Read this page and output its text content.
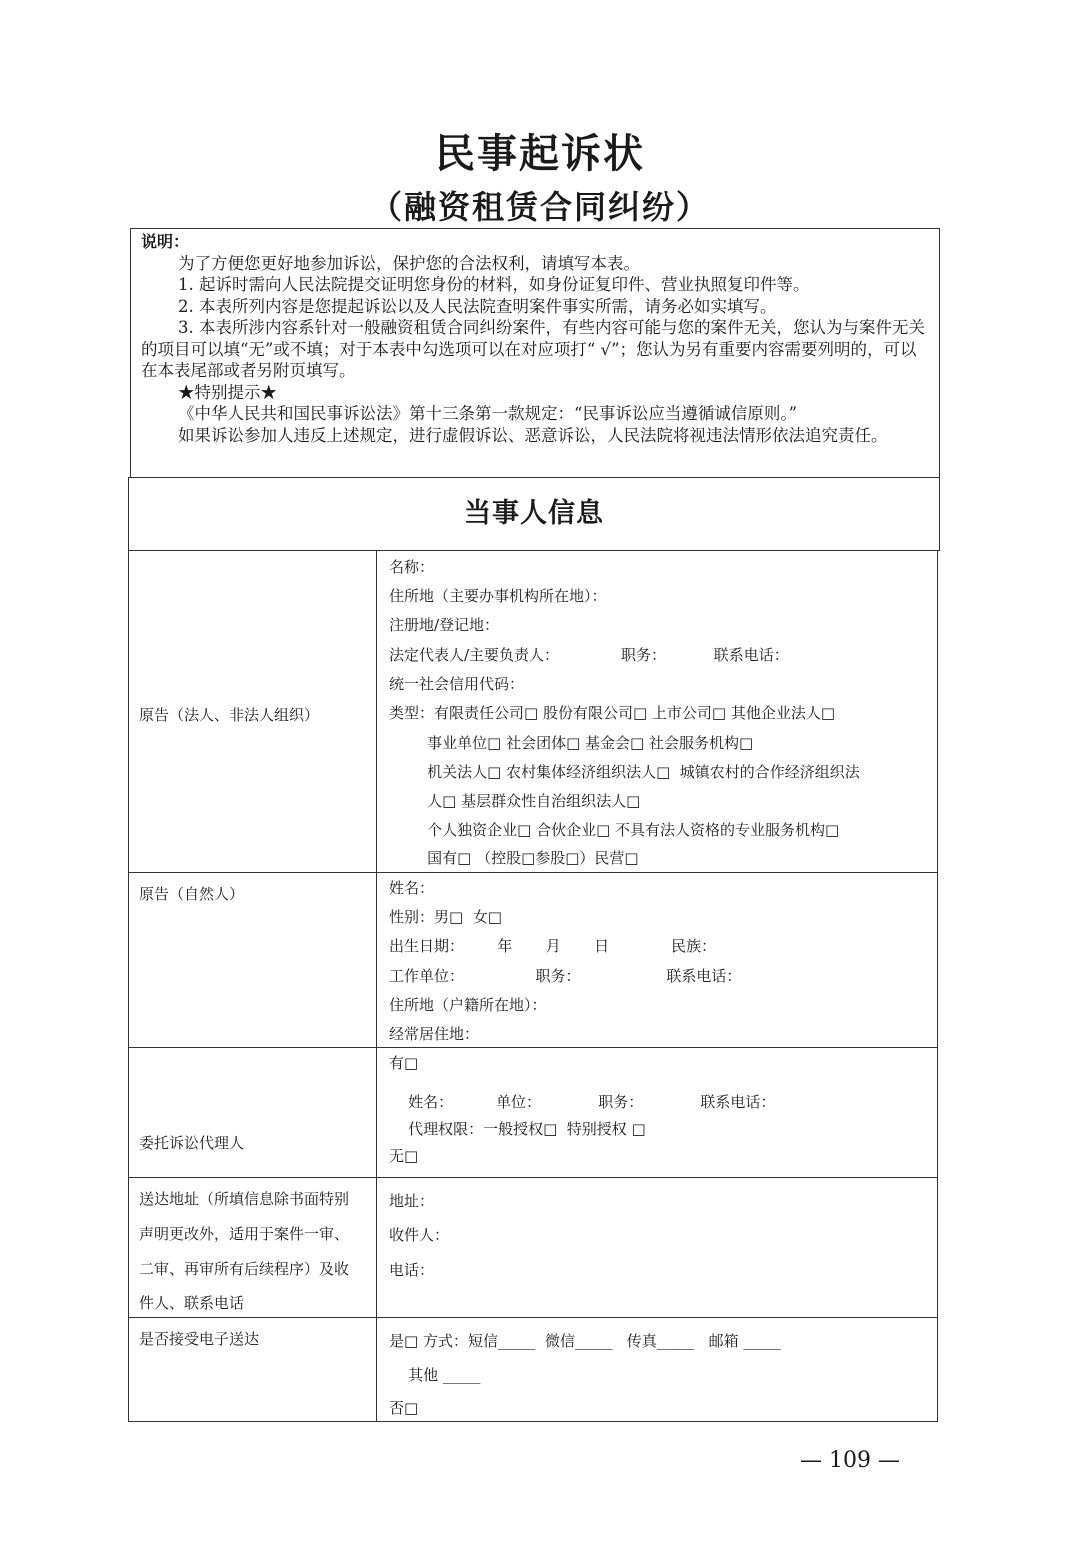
民事起诉状
（融资租赁合同纠纷）

说明：

为了方便您更好地参加诉讼，保护您的合法权利，请填写本表。

1. 起诉时需向人民法院提交证明您身份的材料，如身份证复印件、营业执照复印件等。

2. 本表所列内容是您提起诉讼以及人民法院查明案件事实所需，请务必如实填写。

3. 本表所涉内容系针对一般融资租赁合同纠纷案件，有些内容可能与您的案件无关，您认为与案件无关的项目可以填“无”或不填；对于本表中勾选项可以在对应项打“ √”；您认为另有重要内容需要列明的，可以在本表尾部或者另附页填写。

★特别提示★

《中华人民共和国民事诉讼法》第十三条第一款规定：“民事诉讼应当遵循诚信原则。”

如果诉讼参加人违反上述规定，进行虚假诉讼、恶意诉讼，人民法院将视违法情形依法追究责任。

当事人信息
原告（法人、非法人组织）
名称：
住所地（主要办事机构所在地）：
注册地/登记地：
法定代表人/主要负责人：             职务：          联系电话：
统一社会信用代码：
类型：有限责任公司□ 股份有限公司□ 上市公司□ 其他企业法人□
事业单位□ 社会团体□ 基金会□ 社会服务机构□
机关法人□ 农村集体经济组织法人□  城镇农村的合作经济组织法
人□ 基层群众性自治组织法人□
个人独资企业□ 合伙企业□ 不具有法人资格的专业服务机构□
国有□ （控股□参股□）民营□
原告（自然人）	姓名：
性别：男□  女□
出生日期：       年       月       日             民族：
工作单位：               职务：                  联系电话：
住所地（户籍所在地）：
经常居住地：
委托诉讼代理人
有□
姓名：         单位：            职务：            联系电话：
代理权限：一般授权□  特别授权 □
无□
送达地址（所填信息除书面特别
声明更改外，适用于案件一审、
二审、再审所有后续程序）及收
件人、联系电话
地址：
收件人：
电话：
是否接受电子送达	是□ 方式：短信_____  微信_____   传真_____   邮箱 _____
其他 _____
否□
— 109 —
